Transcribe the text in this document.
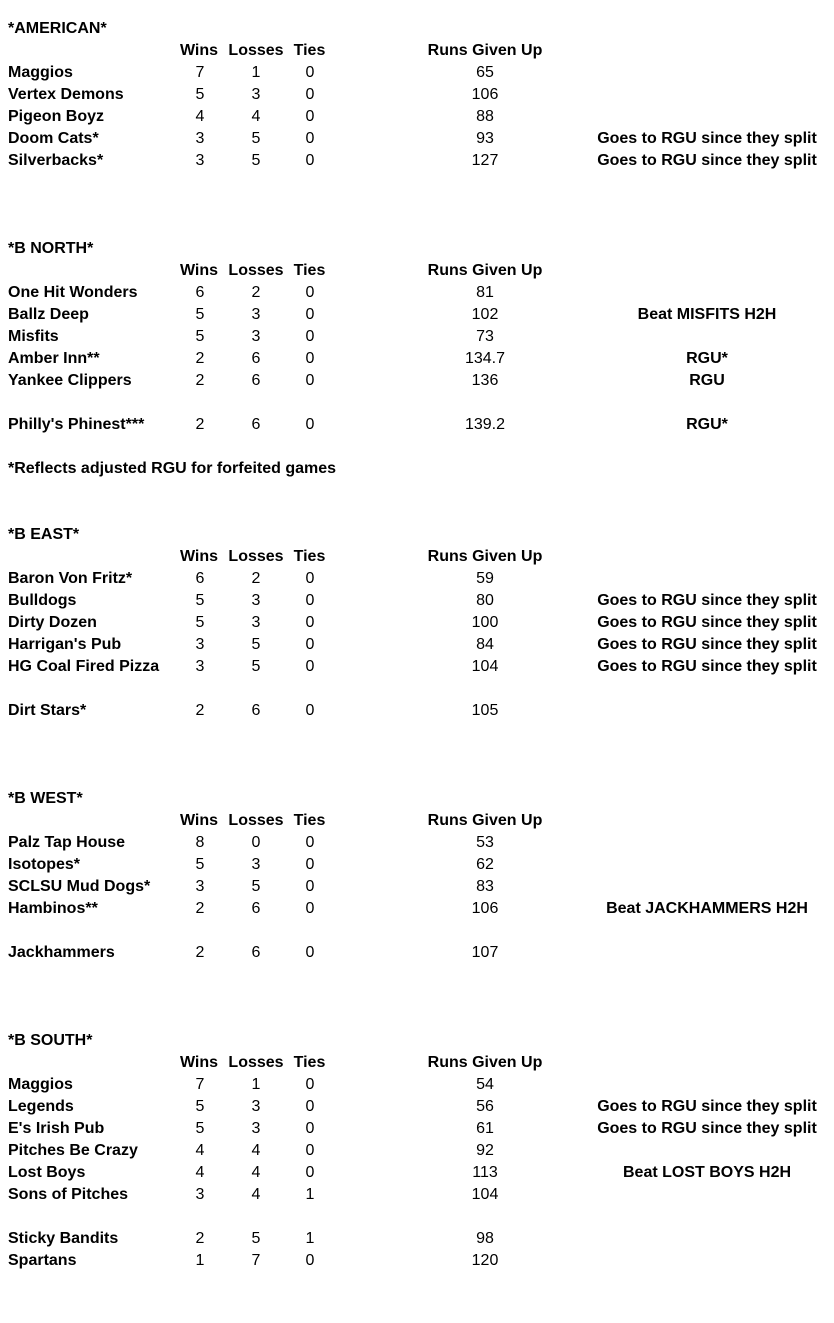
*AMERICAN*
Wins Losses Ties	Runs Given Up
Maggios	7	1	0	65
Vertex Demons	5	3	0	106
Pigeon Boyz	4	4	0	88
Doom Cats*	3	5	0	93	Goes to RGU since they split
Silverbacks*	3	5	0	127	Goes to RGU since they split
*B NORTH*
Wins Losses Ties	Runs Given Up
One Hit Wonders	6	2	0	81
Ballz Deep	5	3	0	102	Beat MISFITS H2H
Misfits	5	3	0	73
Amber Inn**	2	6	0	134.7	RGU*
Yankee Clippers	2	6	0	136	RGU
Philly's Phinest***	2	6	0	139.2	RGU*
*Reflects adjusted RGU for forfeited games
*B EAST*
Wins Losses Ties	Runs Given Up
Baron Von Fritz*	6	2	0	59
Bulldogs	5	3	0	80	Goes to RGU since they split
Dirty Dozen	5	3	0	100	Goes to RGU since they split
Harrigan's Pub	3	5	0	84	Goes to RGU since they split
HG Coal Fired Pizza	3	5	0	104	Goes to RGU since they split
Dirt Stars*	2	6	0	105
*B WEST*
Wins Losses Ties	Runs Given Up
Palz Tap House	8	0	0	53
Isotopes*	5	3	0	62
SCLSU Mud Dogs*	3	5	0	83
Hambinos**	2	6	0	106	Beat JACKHAMMERS H2H
Jackhammers	2	6	0	107
*B SOUTH*
Wins Losses Ties	Runs Given Up
Maggios	7	1	0	54
Legends	5	3	0	56	Goes to RGU since they split
E's Irish Pub	5	3	0	61	Goes to RGU since they split
Pitches Be Crazy	4	4	0	92
Lost Boys	4	4	0	113	Beat LOST BOYS H2H
Sons of Pitches	3	4	1	104
Sticky Bandits	2	5	1	98
Spartans	1	7	0	120
